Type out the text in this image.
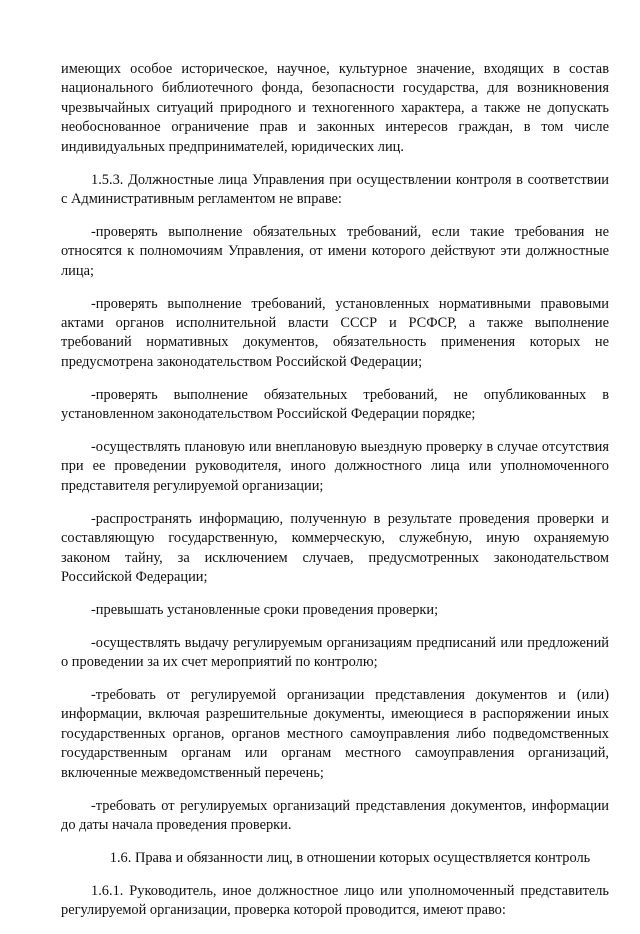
имеющих особое историческое, научное, культурное значение, входящих в состав национального библиотечного фонда, безопасности государства, для возникновения чрезвычайных ситуаций природного и техногенного характера, а также не допускать необоснованное ограничение прав и законных интересов граждан, в том числе индивидуальных предпринимателей, юридических лиц.

1.5.3. Должностные лица Управления при осуществлении контроля в соответствии с Административным регламентом не вправе:

-проверять выполнение обязательных требований, если такие требования не относятся к полномочиям Управления, от имени которого действуют эти должностные лица;

-проверять выполнение требований, установленных нормативными правовыми актами органов исполнительной власти СССР и РСФСР, а также выполнение требований нормативных документов, обязательность применения которых не предусмотрена законодательством Российской Федерации;

-проверять выполнение обязательных требований, не опубликованных в установленном законодательством Российской Федерации порядке;

-осуществлять плановую или внеплановую выездную проверку в случае отсутствия при ее проведении руководителя, иного должностного лица или уполномоченного представителя регулируемой организации;

-распространять информацию, полученную в результате проведения проверки и составляющую государственную, коммерческую, служебную, иную охраняемую законом тайну, за исключением случаев, предусмотренных законодательством Российской Федерации;

-превышать установленные сроки проведения проверки;

-осуществлять выдачу регулируемым организациям предписаний или предложений о проведении за их счет мероприятий по контролю;

-требовать от регулируемой организации представления документов и (или) информации, включая разрешительные документы, имеющиеся в распоряжении иных государственных органов, органов местного самоуправления либо подведомственных государственным органам или органам местного самоуправления организаций, включенные межведомственный перечень;

-требовать от регулируемых организаций представления документов, информации до даты начала проведения проверки.

1.6. Права и обязанности лиц, в отношении которых осуществляется контроль

1.6.1. Руководитель, иное должностное лицо или уполномоченный представитель регулируемой организации, проверка которой проводится, имеют право:
